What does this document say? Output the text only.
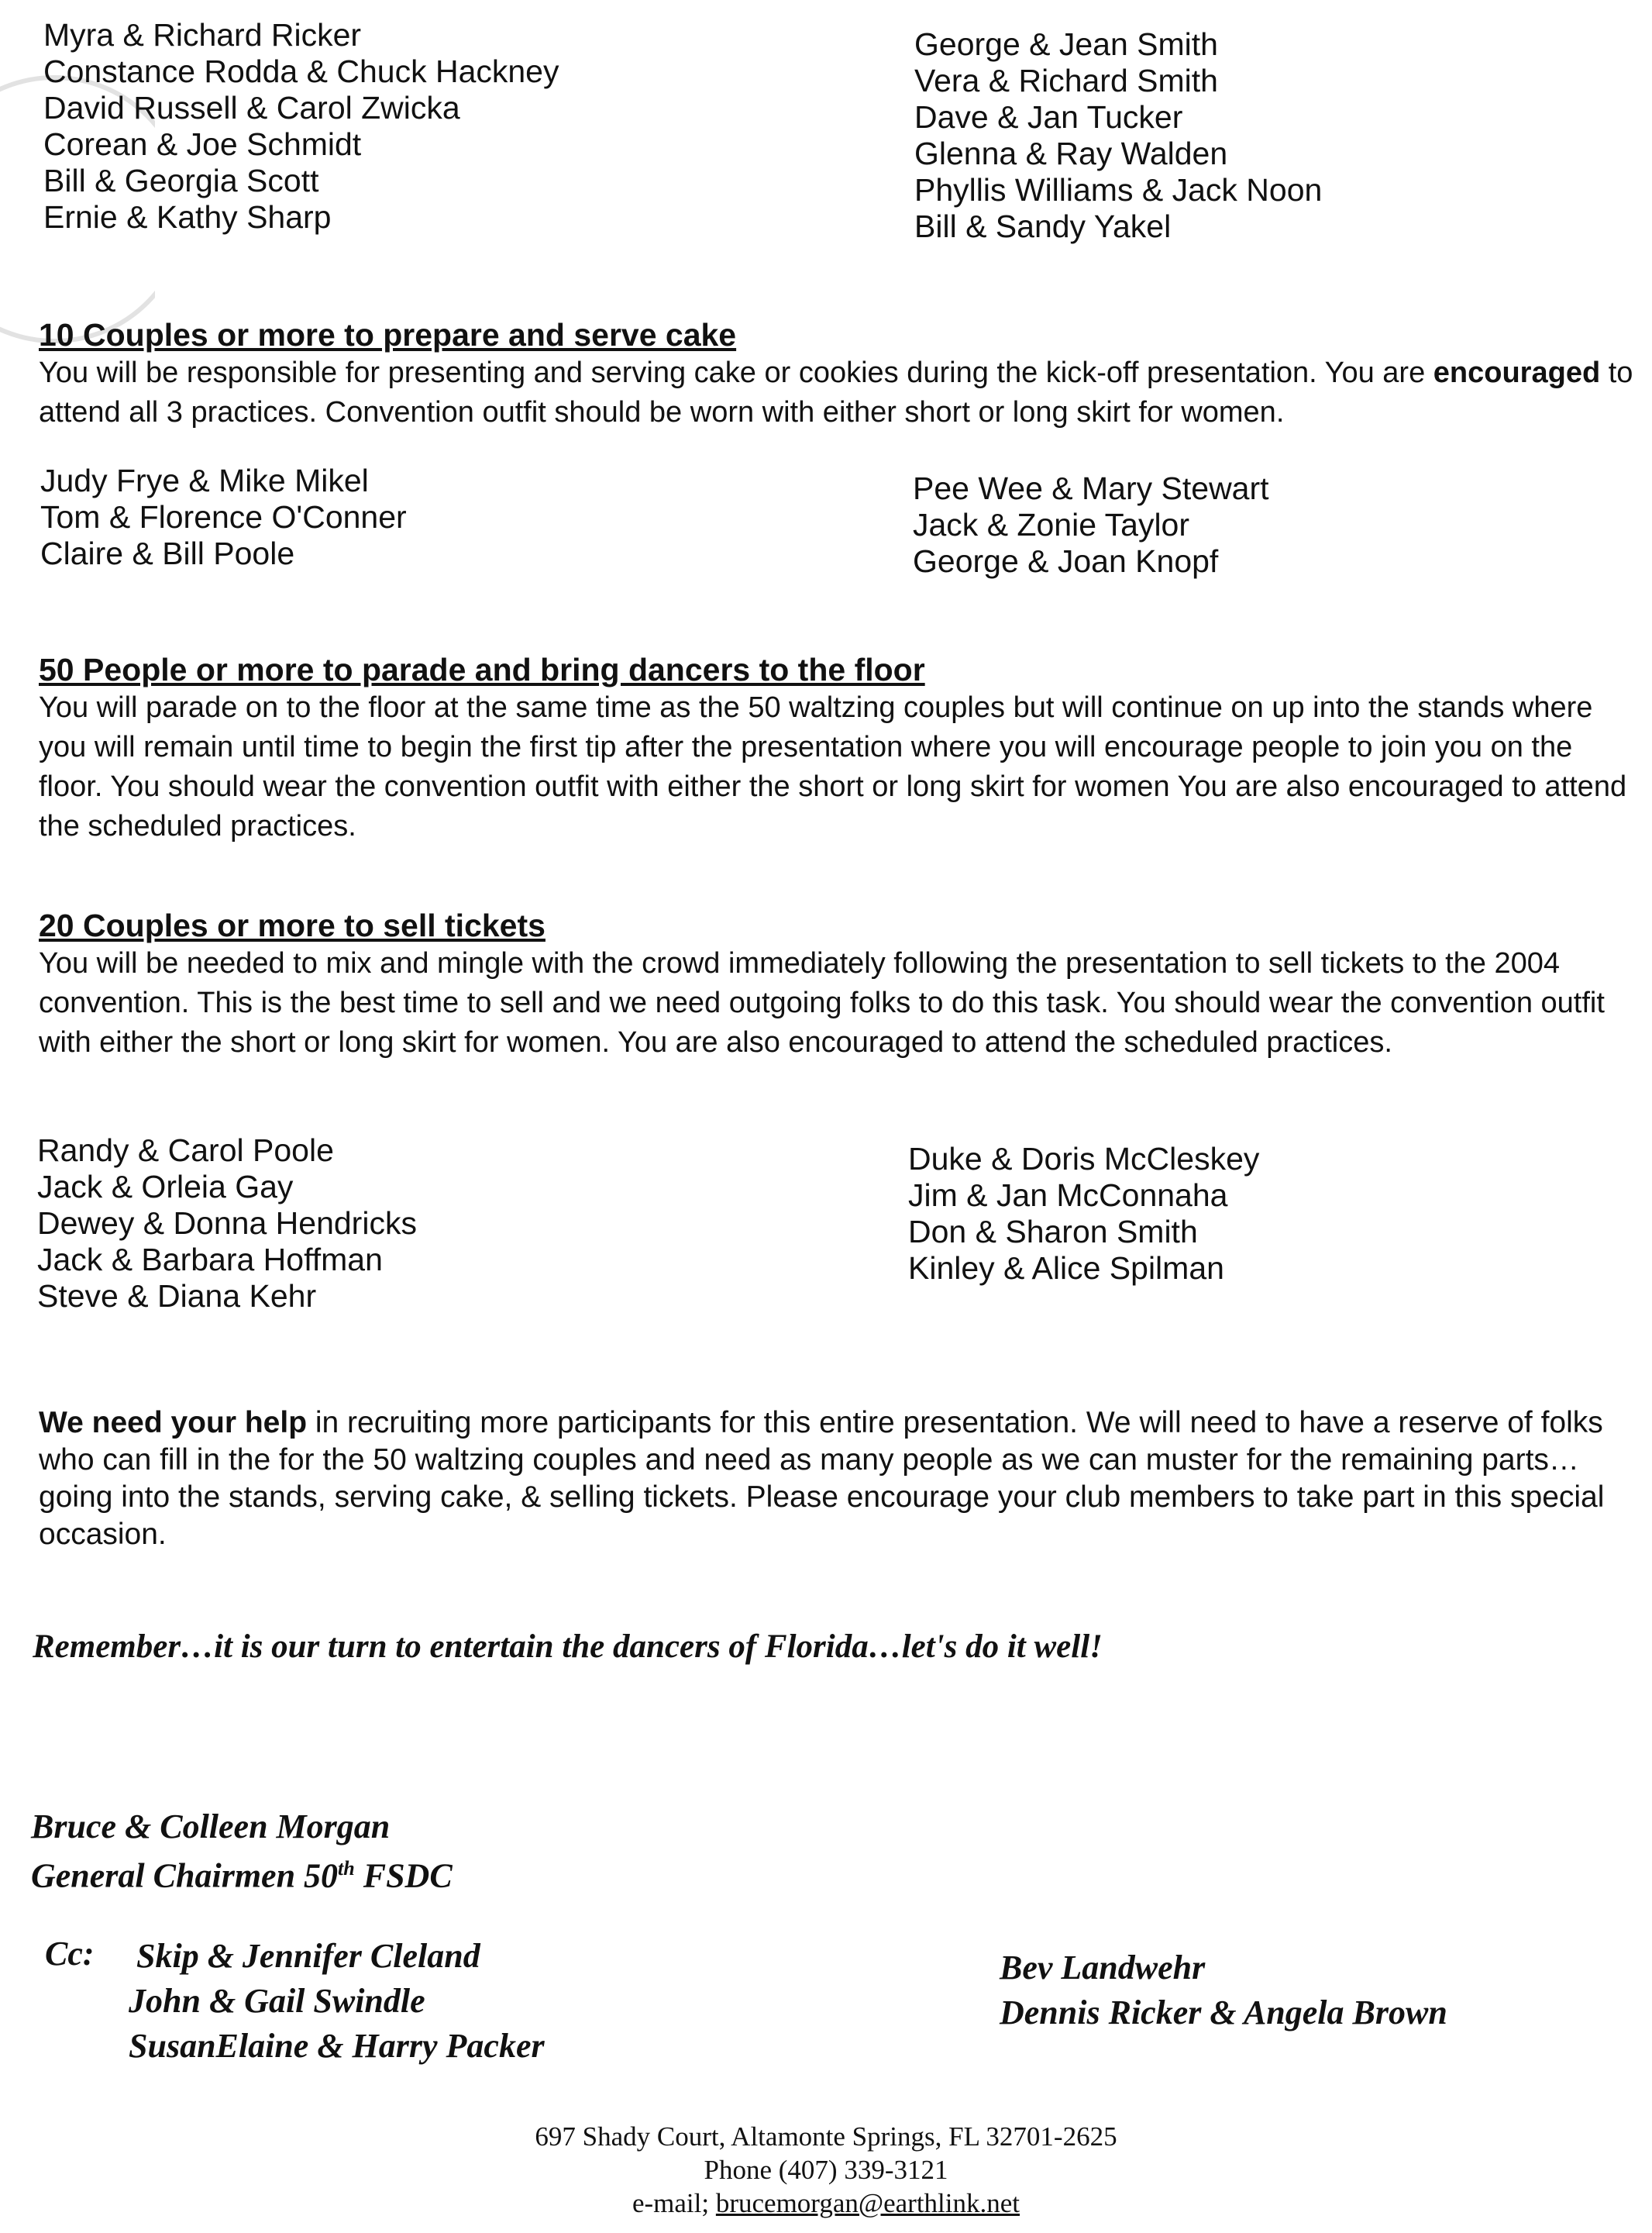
Myra & Richard Ricker
Constance Rodda & Chuck Hackney
David Russell & Carol Zwicka
Corean & Joe Schmidt
Bill & Georgia Scott
Ernie & Kathy Sharp
George & Jean Smith
Vera & Richard Smith
Dave & Jan Tucker
Glenna & Ray Walden
Phyllis Williams & Jack Noon
Bill & Sandy Yakel
10 Couples or more to prepare and serve cake
You will be responsible for presenting and serving cake or cookies during the kick-off presentation. You are encouraged to attend all 3 practices. Convention outfit should be worn with either short or long skirt for women.
Judy Frye & Mike Mikel
Tom & Florence O'Conner
Claire & Bill Poole
Pee Wee & Mary Stewart
Jack & Zonie Taylor
George & Joan Knopf
50 People or more to parade and bring dancers to the floor
You will parade on to the floor at the same time as the 50 waltzing couples but will continue on up into the stands where you will remain until time to begin the first tip after the presentation where you will encourage people to join you on the floor. You should wear the convention outfit with either the short or long skirt for women You are also encouraged to attend the scheduled practices.
20 Couples or more to sell tickets
You will be needed to mix and mingle with the crowd immediately following the presentation to sell tickets to the 2004 convention. This is the best time to sell and we need outgoing folks to do this task. You should wear the convention outfit with either the short or long skirt for women. You are also encouraged to attend the scheduled practices.
Randy & Carol Poole
Jack & Orleia Gay
Dewey & Donna Hendricks
Jack & Barbara Hoffman
Steve & Diana Kehr
Duke & Doris McCleskey
Jim & Jan McConnaha
Don & Sharon Smith
Kinley & Alice Spilman
We need your help in recruiting more participants for this entire presentation. We will need to have a reserve of folks who can fill in the for the 50 waltzing couples and need as many people as we can muster for the remaining parts…going into the stands, serving cake, & selling tickets. Please encourage your club members to take part in this special occasion.
Remember…it is our turn to entertain the dancers of Florida…let's do it well!
Bruce & Colleen Morgan
General Chairmen 50th FSDC
Cc: Skip & Jennifer Cleland
John & Gail Swindle
SusanElaine & Harry Packer
Bev Landwehr
Dennis Ricker & Angela Brown
697 Shady Court, Altamonte Springs, FL 32701-2625
Phone (407) 339-3121
e-mail; brucemorgan@earthlink.net
